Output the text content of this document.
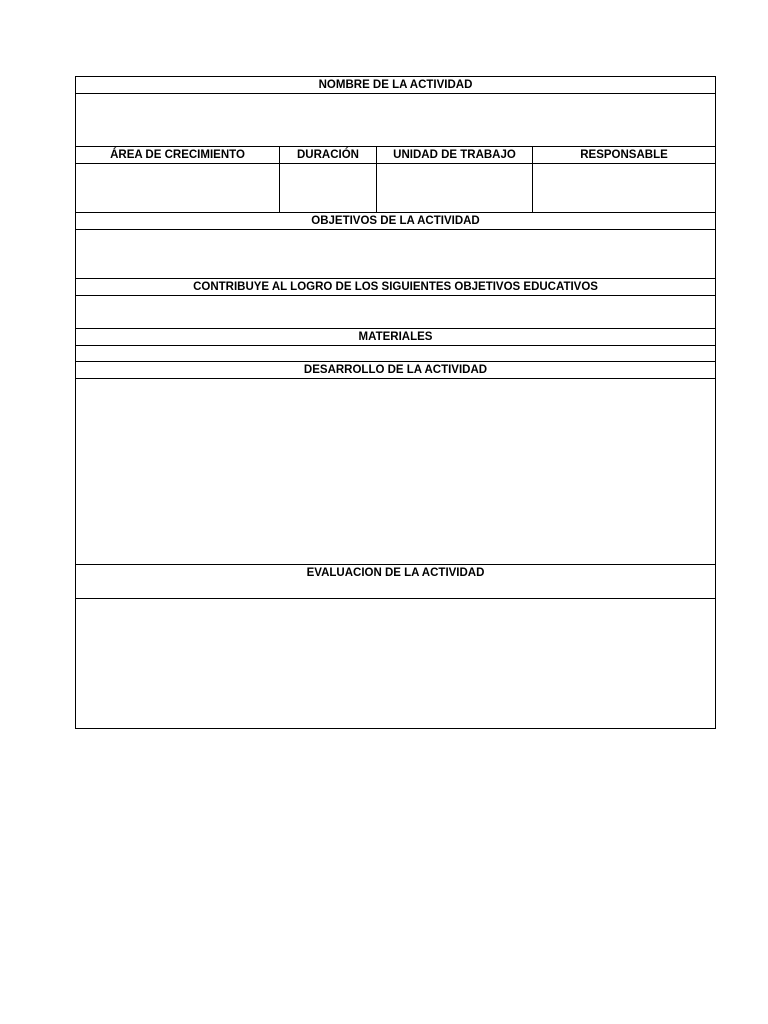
NOMBRE DE LA ACTIVIDAD			

ÁREA DE CRECIMIENTO	DURACIÓN	UNIDAD DE TRABAJO	RESPONSABLE

OBJETIVOS DE LA ACTIVIDAD			

CONTRIBUYE AL LOGRO DE LOS SIGUIENTES OBJETIVOS EDUCATIVOS			

MATERIALES			

DESARROLLO DE LA ACTIVIDAD			

EVALUACION DE LA ACTIVIDAD			
